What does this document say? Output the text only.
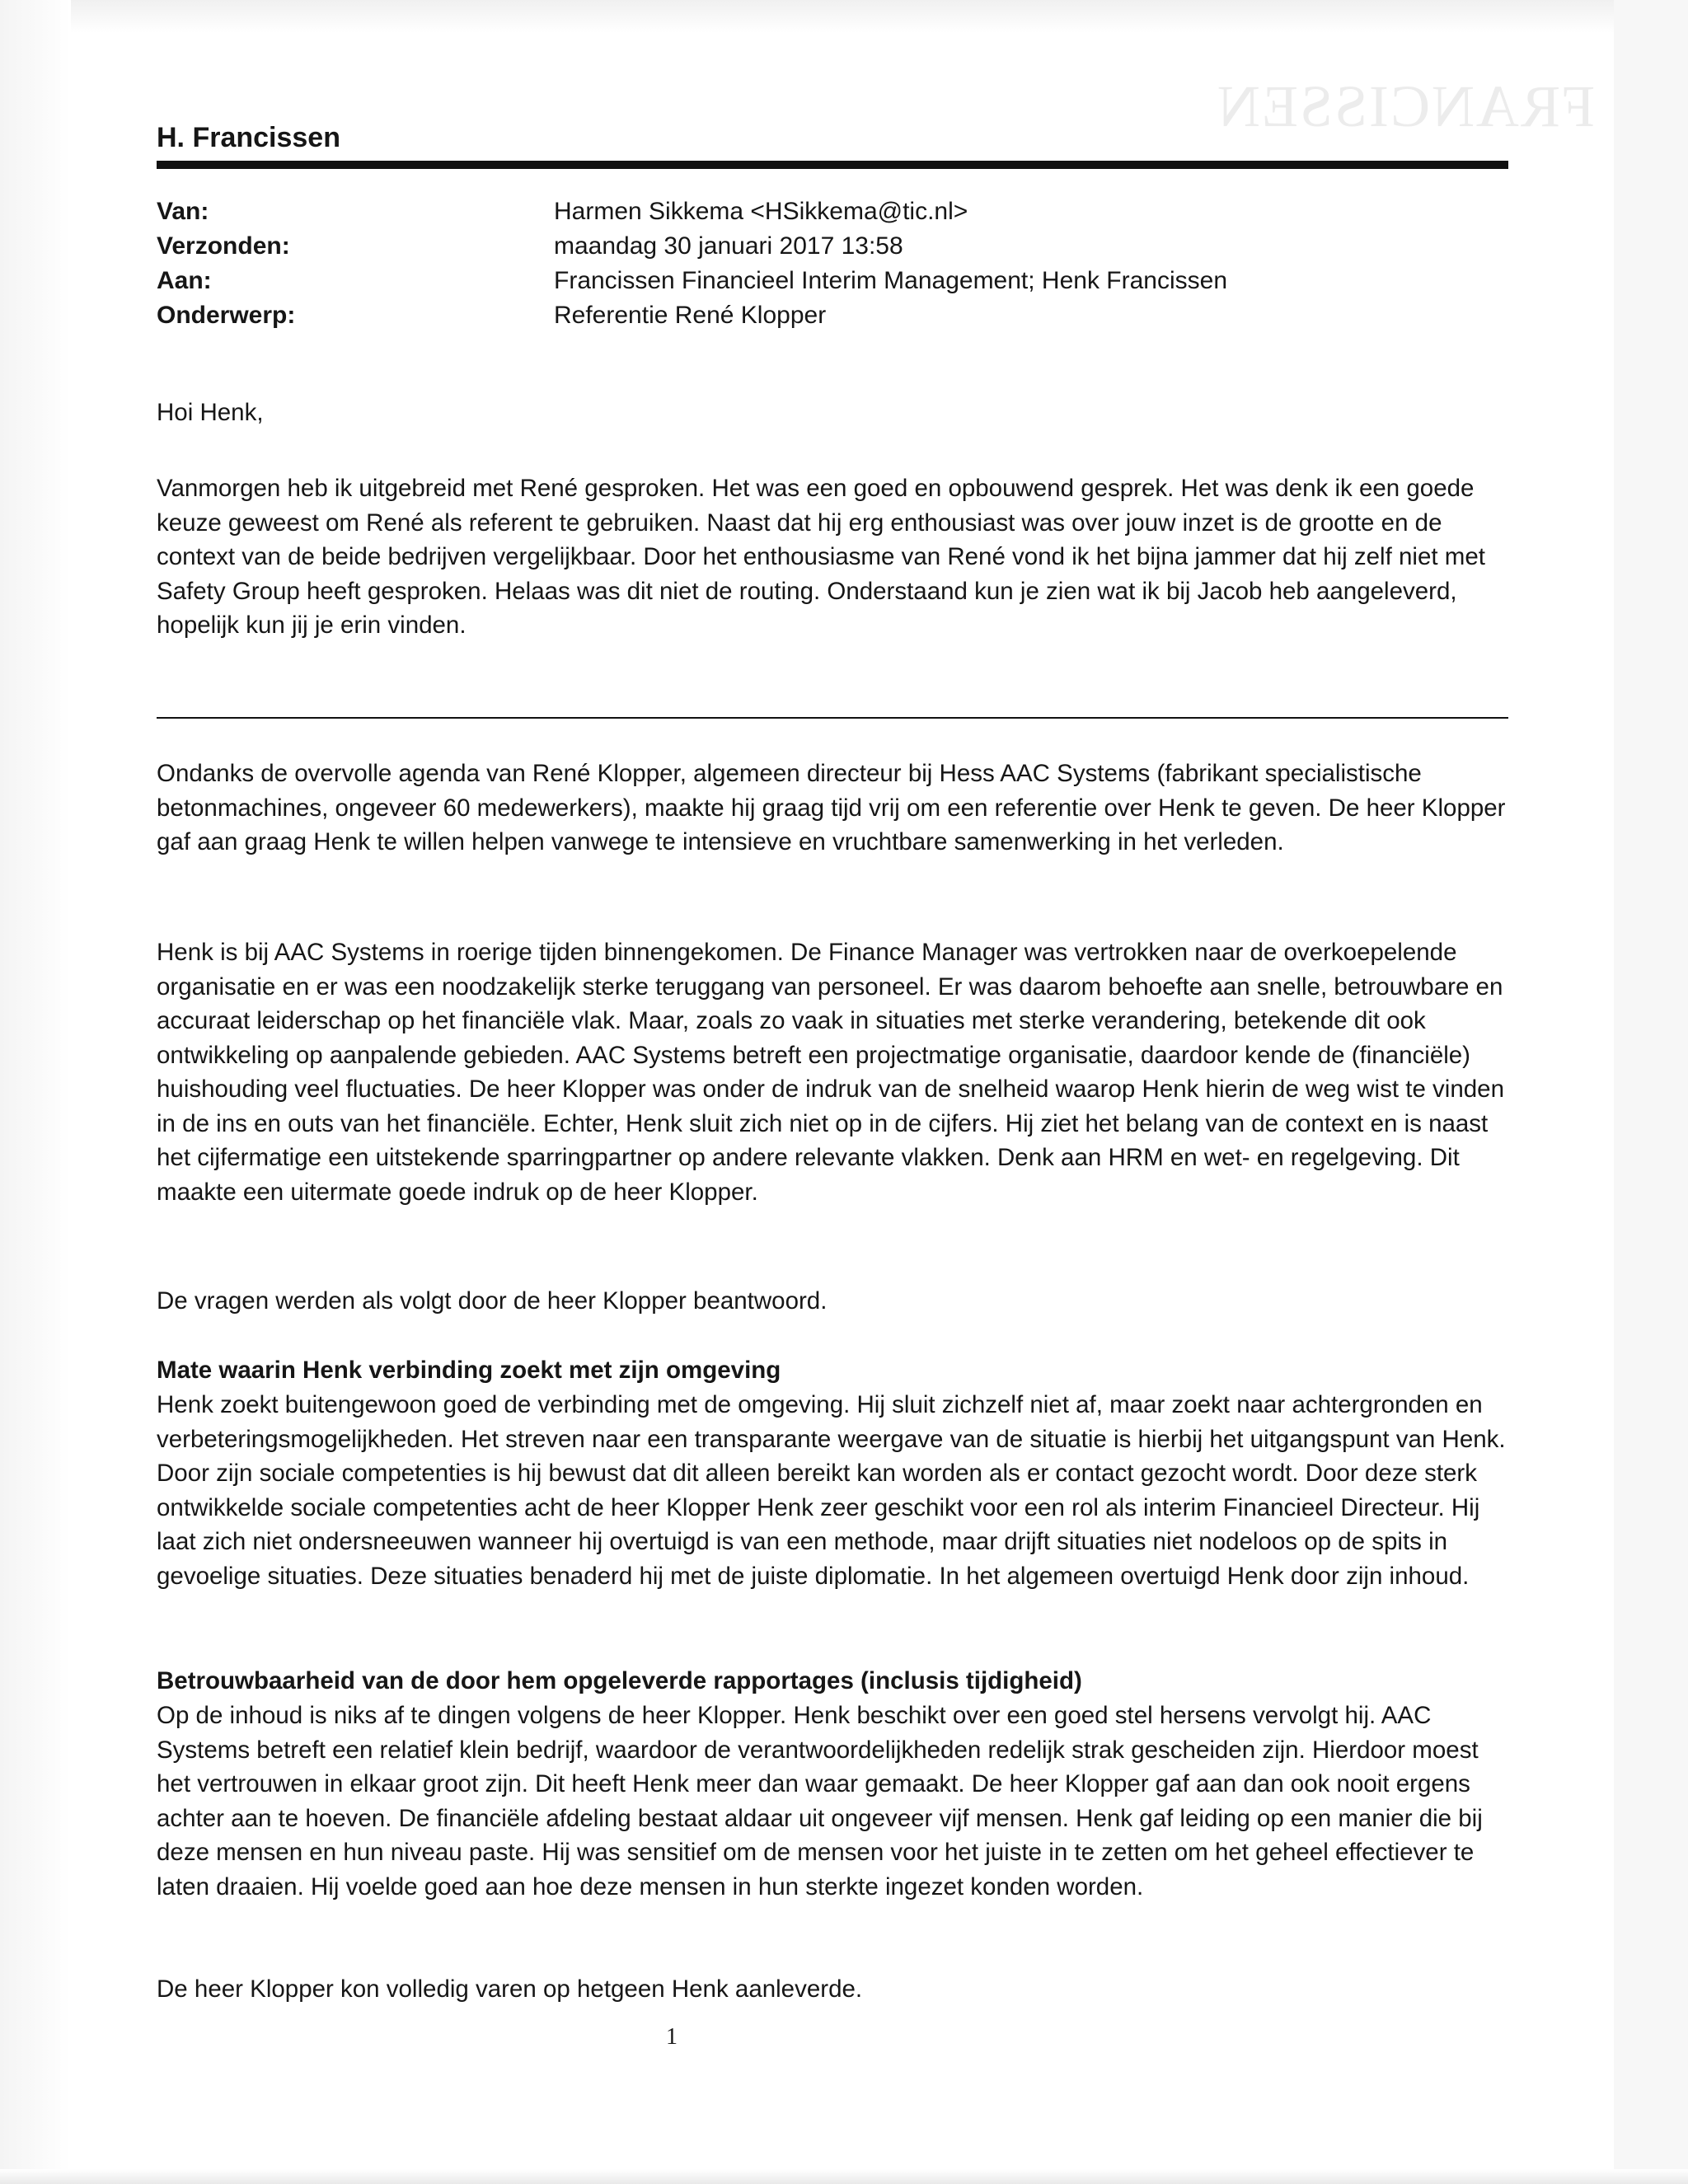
FRANCISSEN
H. Francissen
Van:	Harmen Sikkema <HSikkema@tic.nl>
Verzonden:	maandag 30 januari 2017 13:58
Aan:	Francissen Financieel Interim Management; Henk Francissen
Onderwerp:	Referentie René Klopper

Hoi Henk,

Vanmorgen heb ik uitgebreid met René gesproken. Het was een goed en opbouwend gesprek. Het was denk ik een goede keuze geweest om René als referent te gebruiken. Naast dat hij erg enthousiast was over jouw inzet is de grootte en de context van de beide bedrijven vergelijkbaar. Door het enthousiasme van René vond ik het bijna jammer dat hij zelf niet met Safety Group heeft gesproken. Helaas was dit niet de routing. Onderstaand kun je zien wat ik bij Jacob heb aangeleverd, hopelijk kun jij je erin vinden.

Ondanks de overvolle agenda van René Klopper, algemeen directeur bij Hess AAC Systems (fabrikant specialistische betonmachines, ongeveer 60 medewerkers), maakte hij graag tijd vrij om een referentie over Henk te geven. De heer Klopper gaf aan graag Henk te willen helpen vanwege te intensieve en vruchtbare samenwerking in het verleden.

Henk is bij AAC Systems in roerige tijden binnengekomen. De Finance Manager was vertrokken naar de overkoepelende organisatie en er was een noodzakelijk sterke teruggang van personeel. Er was daarom behoefte aan snelle, betrouwbare en accuraat leiderschap op het financiële vlak. Maar, zoals zo vaak in situaties met sterke verandering, betekende dit ook ontwikkeling op aanpalende gebieden. AAC Systems betreft een projectmatige organisatie, daardoor kende de (financiële) huishouding veel fluctuaties. De heer Klopper was onder de indruk van de snelheid waarop Henk hierin de weg wist te vinden in de ins en outs van het financiële. Echter, Henk sluit zich niet op in de cijfers. Hij ziet het belang van de context en is naast het cijfermatige een uitstekende sparringpartner op andere relevante vlakken. Denk aan HRM en wet- en regelgeving. Dit maakte een uitermate goede indruk op de heer Klopper.

De vragen werden als volgt door de heer Klopper beantwoord.

Mate waarin Henk verbinding zoekt met zijn omgeving

Henk zoekt buitengewoon goed de verbinding met de omgeving. Hij sluit zichzelf niet af, maar zoekt naar achtergronden en verbeteringsmogelijkheden. Het streven naar een transparante weergave van de situatie is hierbij het uitgangspunt van Henk. Door zijn sociale competenties is hij bewust dat dit alleen bereikt kan worden als er contact gezocht wordt. Door deze sterk ontwikkelde sociale competenties acht de heer Klopper Henk zeer geschikt voor een rol als interim Financieel Directeur. Hij laat zich niet ondersneeuwen wanneer hij overtuigd is van een methode, maar drijft situaties niet nodeloos op de spits in gevoelige situaties. Deze situaties benaderd hij met de juiste diplomatie. In het algemeen overtuigd Henk door zijn inhoud.

Betrouwbaarheid van de door hem opgeleverde rapportages (inclusis tijdigheid)

Op de inhoud is niks af te dingen volgens de heer Klopper. Henk beschikt over een goed stel hersens vervolgt hij. AAC Systems betreft een relatief klein bedrijf, waardoor de verantwoordelijkheden redelijk strak gescheiden zijn. Hierdoor moest het vertrouwen in elkaar groot zijn. Dit heeft Henk meer dan waar gemaakt. De heer Klopper gaf aan dan ook nooit ergens achter aan te hoeven. De financiële afdeling bestaat aldaar uit ongeveer vijf mensen. Henk gaf leiding op een manier die bij deze mensen en hun niveau paste. Hij was sensitief om de mensen voor het juiste in te zetten om het geheel effectiever te laten draaien. Hij voelde goed aan hoe deze mensen in hun sterkte ingezet konden worden.

De heer Klopper kon volledig varen op hetgeen Henk aanleverde.

1
